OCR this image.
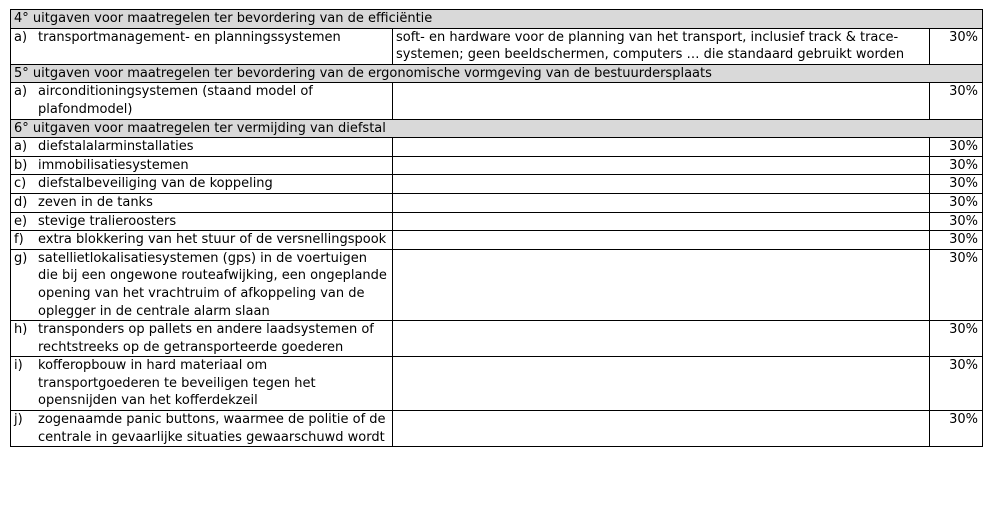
4° uitgaven voor maatregelen ter bevordering van de efficiëntie		
a) transportmanagement- en planningssystemen	soft- en hardware voor de planning van het transport, inclusief track & trace-systemen; geen beeldschermen, computers … die standaard gebruikt worden	30%
5° uitgaven voor maatregelen ter bevordering van de ergonomische vormgeving van de bestuurdersplaats		
a) airconditioningsystemen (staand model of plafondmodel)		30%
6° uitgaven voor maatregelen ter vermijding van diefstal		
a) diefstalalarminstallaties		30%
b) immobilisatiesystemen		30%
c) diefstalbeveiliging van de koppeling		30%
d) zeven in de tanks		30%
e) stevige tralieroosters		30%
f) extra blokkering van het stuur of de versnellingspook		30%
g) satellietlokalisatiesystemen (gps) in de voertuigen die bij een ongewone routeafwijking, een ongeplande opening van het vrachtruim of afkoppeling van de oplegger in de centrale alarm slaan		30%
h) transponders op pallets en andere laadsystemen of rechtstreeks op de getransporteerde goederen		30%
i) kofferopbouw in hard materiaal om transportgoederen te beveiligen tegen het opensnijden van het kofferdekzeil		30%
j) zogenaamde panic buttons, waarmee de politie of de centrale in gevaarlijke situaties gewaarschuwd wordt		30%
